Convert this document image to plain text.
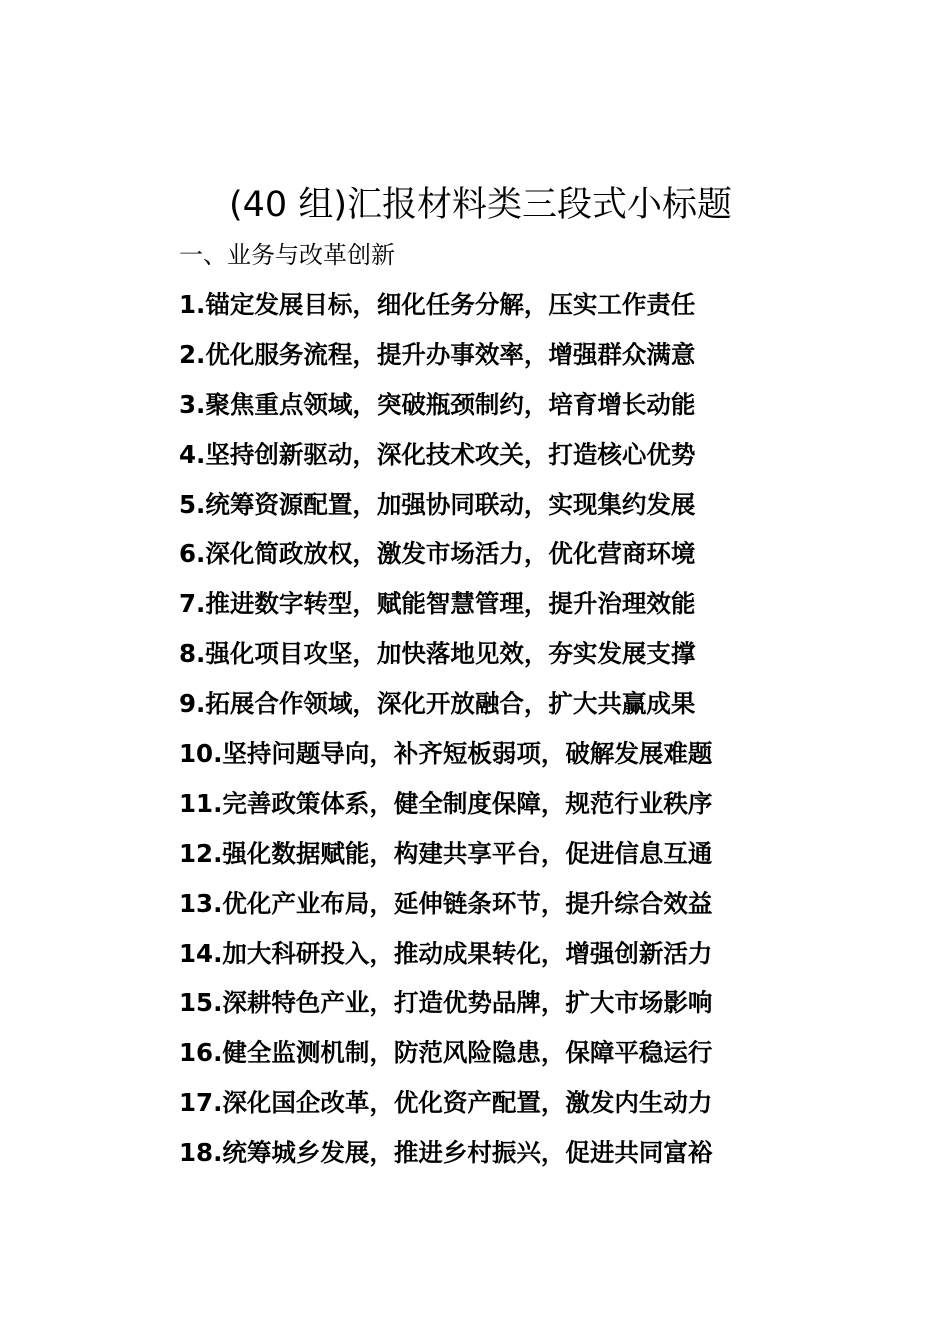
(40 组)汇报材料类三段式小标题
一、业务与改革创新
1.锚定发展目标，细化任务分解，压实工作责任
2.优化服务流程，提升办事效率，增强群众满意
3.聚焦重点领域，突破瓶颈制约，培育增长动能
4.坚持创新驱动，深化技术攻关，打造核心优势
5.统筹资源配置，加强协同联动，实现集约发展
6.深化简政放权，激发市场活力，优化营商环境
7.推进数字转型，赋能智慧管理，提升治理效能
8.强化项目攻坚，加快落地见效，夯实发展支撑
9.拓展合作领域，深化开放融合，扩大共赢成果
10.坚持问题导向，补齐短板弱项，破解发展难题
11.完善政策体系，健全制度保障，规范行业秩序
12.强化数据赋能，构建共享平台，促进信息互通
13.优化产业布局，延伸链条环节，提升综合效益
14.加大科研投入，推动成果转化，增强创新活力
15.深耕特色产业，打造优势品牌，扩大市场影响
16.健全监测机制，防范风险隐患，保障平稳运行
17.深化国企改革，优化资产配置，激发内生动力
18.统筹城乡发展，推进乡村振兴，促进共同富裕
